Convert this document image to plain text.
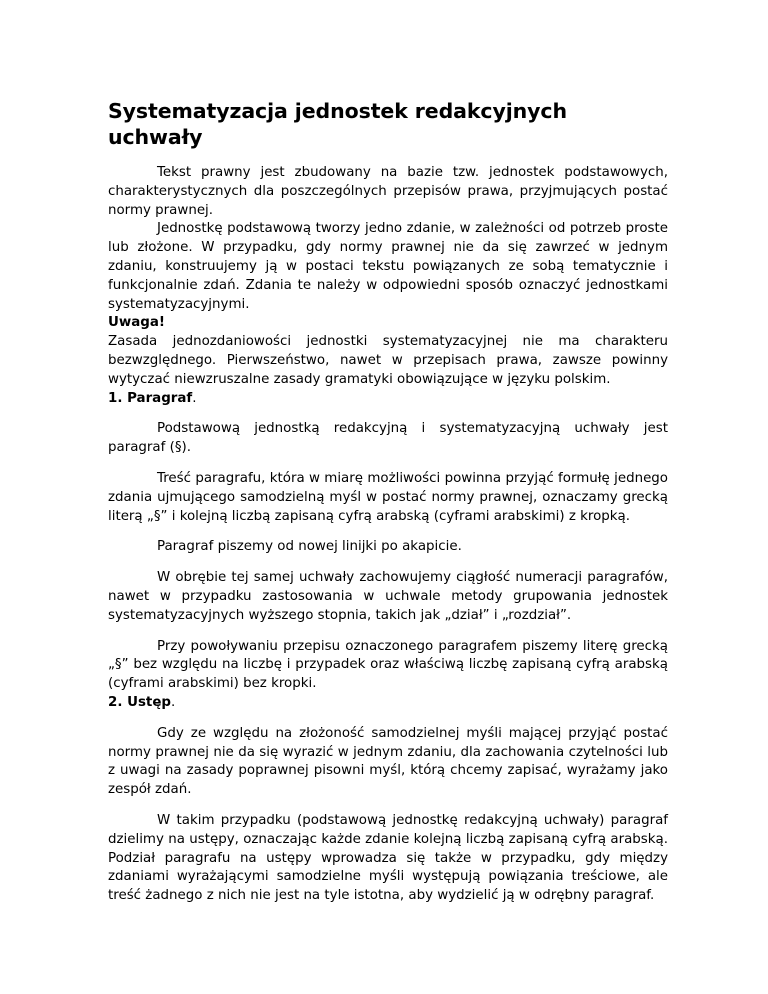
Systematyzacja jednostek redakcyjnych uchwały

Tekst prawny jest zbudowany na bazie tzw. jednostek podstawowych, charakterystycznych dla poszczególnych przepisów prawa, przyjmujących postać normy prawnej.

Jednostkę podstawową tworzy jedno zdanie, w zależności od potrzeb proste lub złożone. W przypadku, gdy normy prawnej nie da się zawrzeć w jednym zdaniu, konstruujemy ją w postaci tekstu powiązanych ze sobą tematycznie i funkcjonalnie zdań. Zdania te należy w odpowiedni sposób oznaczyć jednostkami systematyzacyjnymi.

Uwaga!

Zasada jednozdaniowości jednostki systematyzacyjnej nie ma charakteru bezwzględnego. Pierwszeństwo, nawet w przepisach prawa, zawsze powinny wytyczać niewzruszalne zasady gramatyki obowiązujące w języku polskim.

1. Paragraf.

Podstawową jednostką redakcyjną i systematyzacyjną uchwały jest paragraf (§).

Treść paragrafu, która w miarę możliwości powinna przyjąć formułę jednego zdania ujmującego samodzielną myśl w postać normy prawnej, oznaczamy grecką literą „§” i kolejną liczbą zapisaną cyfrą arabską (cyframi arabskimi) z kropką.

Paragraf piszemy od nowej linijki po akapicie.

W obrębie tej samej uchwały zachowujemy ciągłość numeracji paragrafów, nawet w przypadku zastosowania w uchwale metody grupowania jednostek systematyzacyjnych wyższego stopnia, takich jak „dział” i „rozdział”.

Przy powoływaniu przepisu oznaczonego paragrafem piszemy literę grecką „§” bez względu na liczbę i przypadek oraz właściwą liczbę zapisaną cyfrą arabską (cyframi arabskimi) bez kropki.

2. Ustęp.

Gdy ze względu na złożoność samodzielnej myśli mającej przyjąć postać normy prawnej nie da się wyrazić w jednym zdaniu, dla zachowania czytelności lub z uwagi na zasady poprawnej pisowni myśl, którą chcemy zapisać, wyrażamy jako zespół zdań.

W takim przypadku (podstawową jednostkę redakcyjną uchwały) paragraf dzielimy na ustępy, oznaczając każde zdanie kolejną liczbą zapisaną cyfrą arabską. Podział paragrafu na ustępy wprowadza się także w przypadku, gdy między zdaniami wyrażającymi samodzielne myśli występują powiązania treściowe, ale treść żadnego z nich nie jest na tyle istotna, aby wydzielić ją w odrębny paragraf.
